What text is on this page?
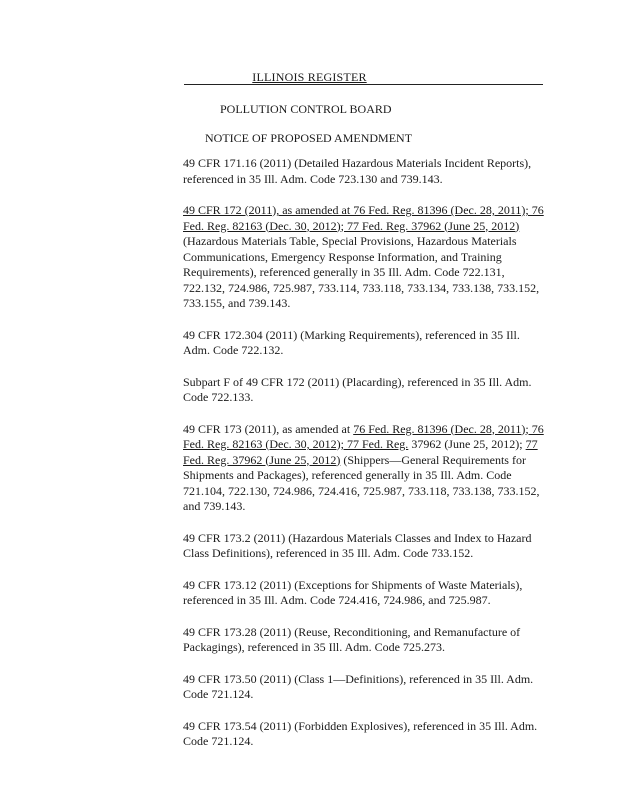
ILLINOIS REGISTER
POLLUTION CONTROL BOARD
NOTICE OF PROPOSED AMENDMENT
49 CFR 171.16 (2011) (Detailed Hazardous Materials Incident Reports), referenced in 35 Ill. Adm. Code 723.130 and 739.143.
49 CFR 172 (2011), as amended at 76 Fed. Reg. 81396 (Dec. 28, 2011); 76 Fed. Reg. 82163 (Dec. 30, 2012); 77 Fed. Reg. 37962 (June 25, 2012) (Hazardous Materials Table, Special Provisions, Hazardous Materials Communications, Emergency Response Information, and Training Requirements), referenced generally in 35 Ill. Adm. Code 722.131, 722.132, 724.986, 725.987, 733.114, 733.118, 733.134, 733.138, 733.152, 733.155, and 739.143.
49 CFR 172.304 (2011) (Marking Requirements), referenced in 35 Ill. Adm. Code 722.132.
Subpart F of 49 CFR 172 (2011) (Placarding), referenced in 35 Ill. Adm. Code 722.133.
49 CFR 173 (2011), as amended at 76 Fed. Reg. 81396 (Dec. 28, 2011); 76 Fed. Reg. 82163 (Dec. 30, 2012); 77 Fed. Reg. 37962 (June 25, 2012); 77 Fed. Reg. 37962 (June 25, 2012) (Shippers—General Requirements for Shipments and Packages), referenced generally in 35 Ill. Adm. Code 721.104, 722.130, 724.986, 724.416, 725.987, 733.118, 733.138, 733.152, and 739.143.
49 CFR 173.2 (2011) (Hazardous Materials Classes and Index to Hazard Class Definitions), referenced in 35 Ill. Adm. Code 733.152.
49 CFR 173.12 (2011) (Exceptions for Shipments of Waste Materials), referenced in 35 Ill. Adm. Code 724.416, 724.986, and 725.987.
49 CFR 173.28 (2011) (Reuse, Reconditioning, and Remanufacture of Packagings), referenced in 35 Ill. Adm. Code 725.273.
49 CFR 173.50 (2011) (Class 1—Definitions), referenced in 35 Ill. Adm. Code 721.124.
49 CFR 173.54 (2011) (Forbidden Explosives), referenced in 35 Ill. Adm. Code 721.124.
